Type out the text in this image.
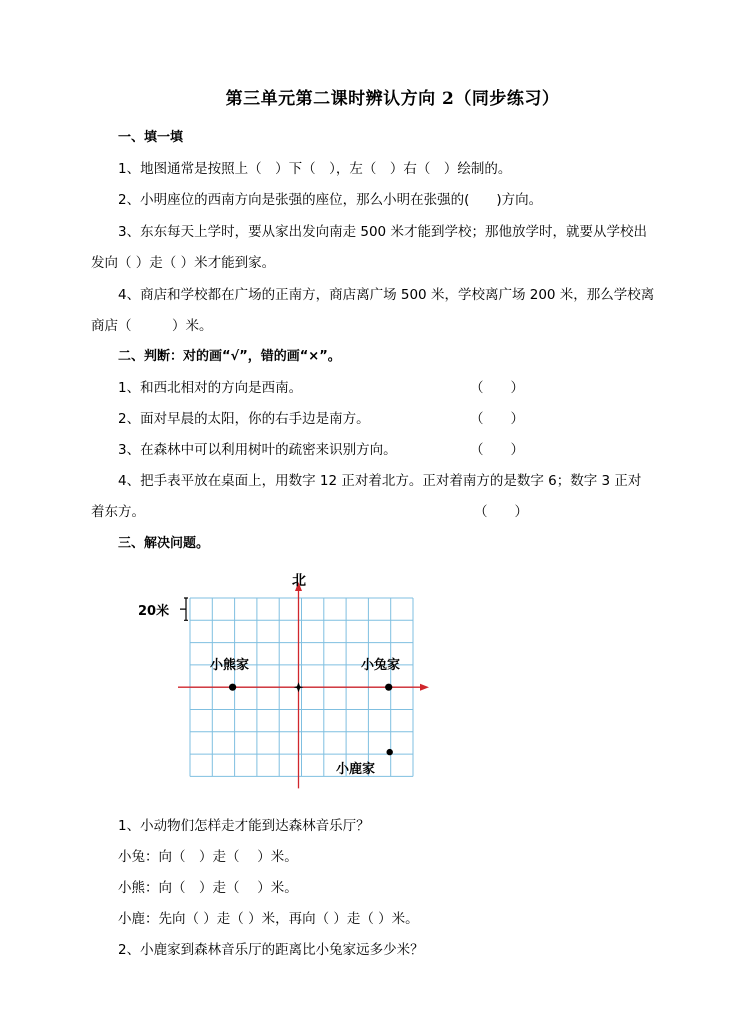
第三单元第二课时辨认方向 2（同步练习）
一、填一填
1、地图通常是按照上（　）下（　），左（　）右（　）绘制的。
2、小明座位的西南方向是张强的座位，那么小明在张强的(　　)方向。
3、东东每天上学时，要从家出发向南走 500 米才能到学校；那他放学时，就要从学校出
发向（ ）走（ ）米才能到家。
4、商店和学校都在广场的正南方，商店离广场 500 米，学校离广场 200 米，那么学校离
商店（　　　）米。
二、判断：对的画“√”，错的画“×”。
1、和西北相对的方向是西南。	（　　）
2、面对早晨的太阳，你的右手边是南方。	（　　）
3、在森林中可以利用树叶的疏密来识别方向。	（　　）
4、把手表平放在桌面上，用数字 12 正对着北方。正对着南方的是数字 6；数字 3 正对
着东方。	（　　）
三、解决问题。
北
20米
小熊家	小兔家
小鹿家
1、小动物们怎样走才能到达森林音乐厅？
小兔：向（　）走（　 ）米。
小熊：向（　）走（　 ）米。
小鹿：先向（ ）走（ ）米，再向（ ）走（ ）米。
2、小鹿家到森林音乐厅的距离比小兔家远多少米？
